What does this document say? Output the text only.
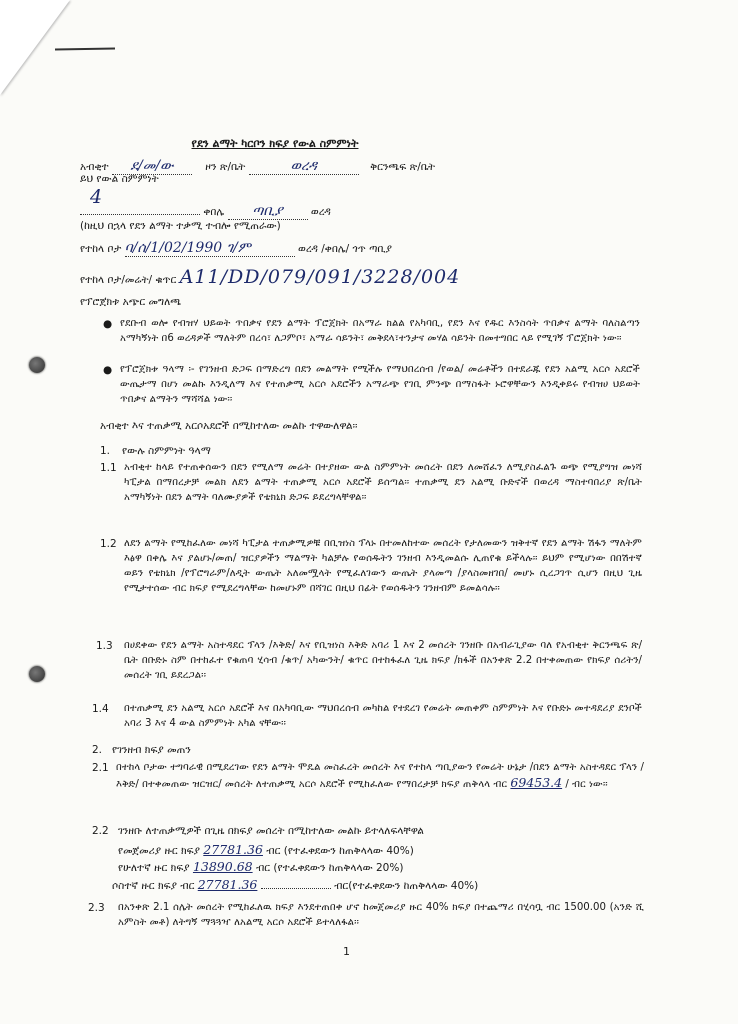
የደን ልማት ካርቦን ክፍያ የውል ስምምነት
አብቂተ ደ/መ/ው	ዞን ጽ/ቤት	ወረዳ	ቅርንጫፍ ጽ/ቤት
ይህ የውል ስምምነት
4
ቀበሌ ጣቢያ	ወረዳ
(ከዚህ በኋላ የደን ልማት ተቃሚ ተብሎ የሚጠራው)
የተከላ ቦታ ባ/ሰ/1/02/1990 ገ/ም	ወረዳ /ቀበሌ/ ጎጥ ጣቢያ
የተከላ ቦታ/መሬት/ ቁጥር A11/DD/079/091/3228/004
የፕሮጀክቱ አጭር መግለጫ
● የደቡብ ወሎ የብዝሃ ህይወት ጥበቃና የደን ልማት ፕሮጀክት በአማራ ክልል የአካባቢ, የደን እና የዱር እንስሳት ጥበቃና ልማት ባለስልጣን አማካኝነት በ6 ወረዳዎች ማለትም በረሳ፣ ለጋምቦ፣ አማራ ሳይንት፣ መቅደላ፣ተንታና መሃል ሳይንት በመተግበር ላይ የሚገኝ ፕሮጀክት ነው፡፡
● የፕሮጀክቱ ዓላማ ፡- የገንዘብ ድጋፍ በማድረግ በደን መልማት የሚችሉ የማህበረሰብ /የወል/ መሬቶችን በተደራጁ የደን አልሚ አርሶ አደሮች ውጤታማ በሆነ መልኩ እንዲለማ እና የተጠቃሚ አርሶ አደሮችን አማራጭ የገቢ ምንጭ በማስፋት ኑሮዋቸውን እንዲቀይሩ የብዝሀ ህይወት ጥበቃና ልማትን ማሻሻል ነው፡፡
አብቂተ እና ተጠቃሚ አርሶአደሮች በሚከተለው መልኩ ተዋውለዋል፡፡
1. የውሉ ስምምነት ዓላማ
1.1 አብቂተ ከላይ የተጠቀሰውን በደን የሚለማ መሬት በተያዘው ውል ስምምነት መሰረት በደን ለመሸፈን ለሚያስፈልጉ ወጭ የሚያግዝ መነሻ ካፒታል በማበረታቻ መልክ ለደን ልማት ተጠቃሚ አርሶ አደሮች ይሰጣል፡፡ ተጠቃሚ ደን አልሚ ቡድኖች በወረዳ ማስተባበሪያ ጽ/ቤት አማካኝነት በደን ልማት ባለሙያዎች የቴክኒክ ድጋፍ ይደረግላቸዋል፡፡
1.2 ለደን ልማት የሚከፈለው መነሻ ካፒታል ተጠቃሚዎቹ በቢዝነስ ፕላኑ በተመለከተው መሰረት የታለመውን ዝቅተኛ የደን ልማት ሽፋን ማለትም እፅዋ በቀሌ እና ያልሆኑ/መጠ/ ዝርያዎችን ማልማት ካልቻሉ የወሰዱትን ገንዘብ እንዲመልሱ ሊጠየቁ ይችላሉ፡፡ ይህም የሚሆነው በበሽተኛ ወይን የቴክኒክ /የፕሮግራም/ለዲት ውጤት አለመሟላት የሚፈለገውን ውጤት ያላመጣ /ያላስመዘገበ/ መሆኑ ሲረጋገጥ ሲሆን በዚህ ጊዜ የሚታተሰው ብር ክፍያ የሚደረግላቸው ከመሆኑም በሻገር በዚህ በፊት የወሰዱትን ገንዘብም ይመልሳሉ፡፡
1.3 በሀደቀው የደን ልማት አስተዳደር ፕላን /እቅድ/ እና የቢዝነስ እቅድ አባሪ 1 እና 2 መሰረት ገንዘቡ በአብራጊያው ባለ የአብቂተ ቅርንጫፍ ጽ/ቤት በቡድኑ ስም በተከፈተ የቁጠባ ሂሳብ /ቁጥ/ አካውንት/ ቁጥር በተከፋፈለ ጊዜ ክፍያ /ክፋች በአንቀጽ 2.2 በተቀመጠው የክፍያ ሰሪትን/ መሰረት ገቢ ይደረጋል፡፡
1.4 በተጠቃሚ ደን አልሚ አርሶ አደሮች እና በአካባቢው ማህበረሰብ መካከል የተደረገ የመሬት መጠቀም ስምምነት እና የቡድኑ መተዳደሪያ ደንቦች አባሪ 3 እና 4 ውል ስምምነት አካል ናቸው፡፡
2. የገንዘብ ክፍያ መጠን
2.1 በተከላ ቦታው ተግባራዊ በሚደረገው የደን ልማት ሞዴል መስፈረት መሰረት እና የተከላ ጣቢያውን የመሬት ሁኔታ /በደን ልማት አስተዳደር ፕላን /እቅድ/ በተቀመጠው ዝርዝር/ መሰረት ለተጠቃሚ አርሶ አደሮች የሚከፈለው የማበረታቻ ክፍያ ጠቅላላ ብር 69453.4 / ብር ነው፡፡
2.2 ገንዘቡ ለተጠቃሚዎች በጊዜ በክፍያ መሰረት በሚከተለው መልኩ ይተላለፍላቸዋል
የመጀመሪያ ዙር ክፍያ 27781.36 ብር (የተፈቀደውን ከጠቅላላው 40%)
የሁለተኛ ዙር ክፍያ 13890.68 ብር (የተፈቀደውን ከጠቅላላው 20%)
ሶስተኛ ዙር ክፍያ ብር 27781.36	ብር(የተፈቀደውን ከጠቅላላው 40%)
2.3 በአንቀጽ 2.1 ሰሌት መሰረት የሚከፈለዉ ክፍያ እንደተጠበቀ ሆኖ ከመጀመሪያ ዙር 40% ክፍያ በተጨማሪ በሂሳቧ ብር 1500.00 (አንድ ሺ አምስት መቶ) ለትግኝ ማጓጓዣ ለአልሚ አርሶ አደሮች ይተላለፋል፡፡
1
